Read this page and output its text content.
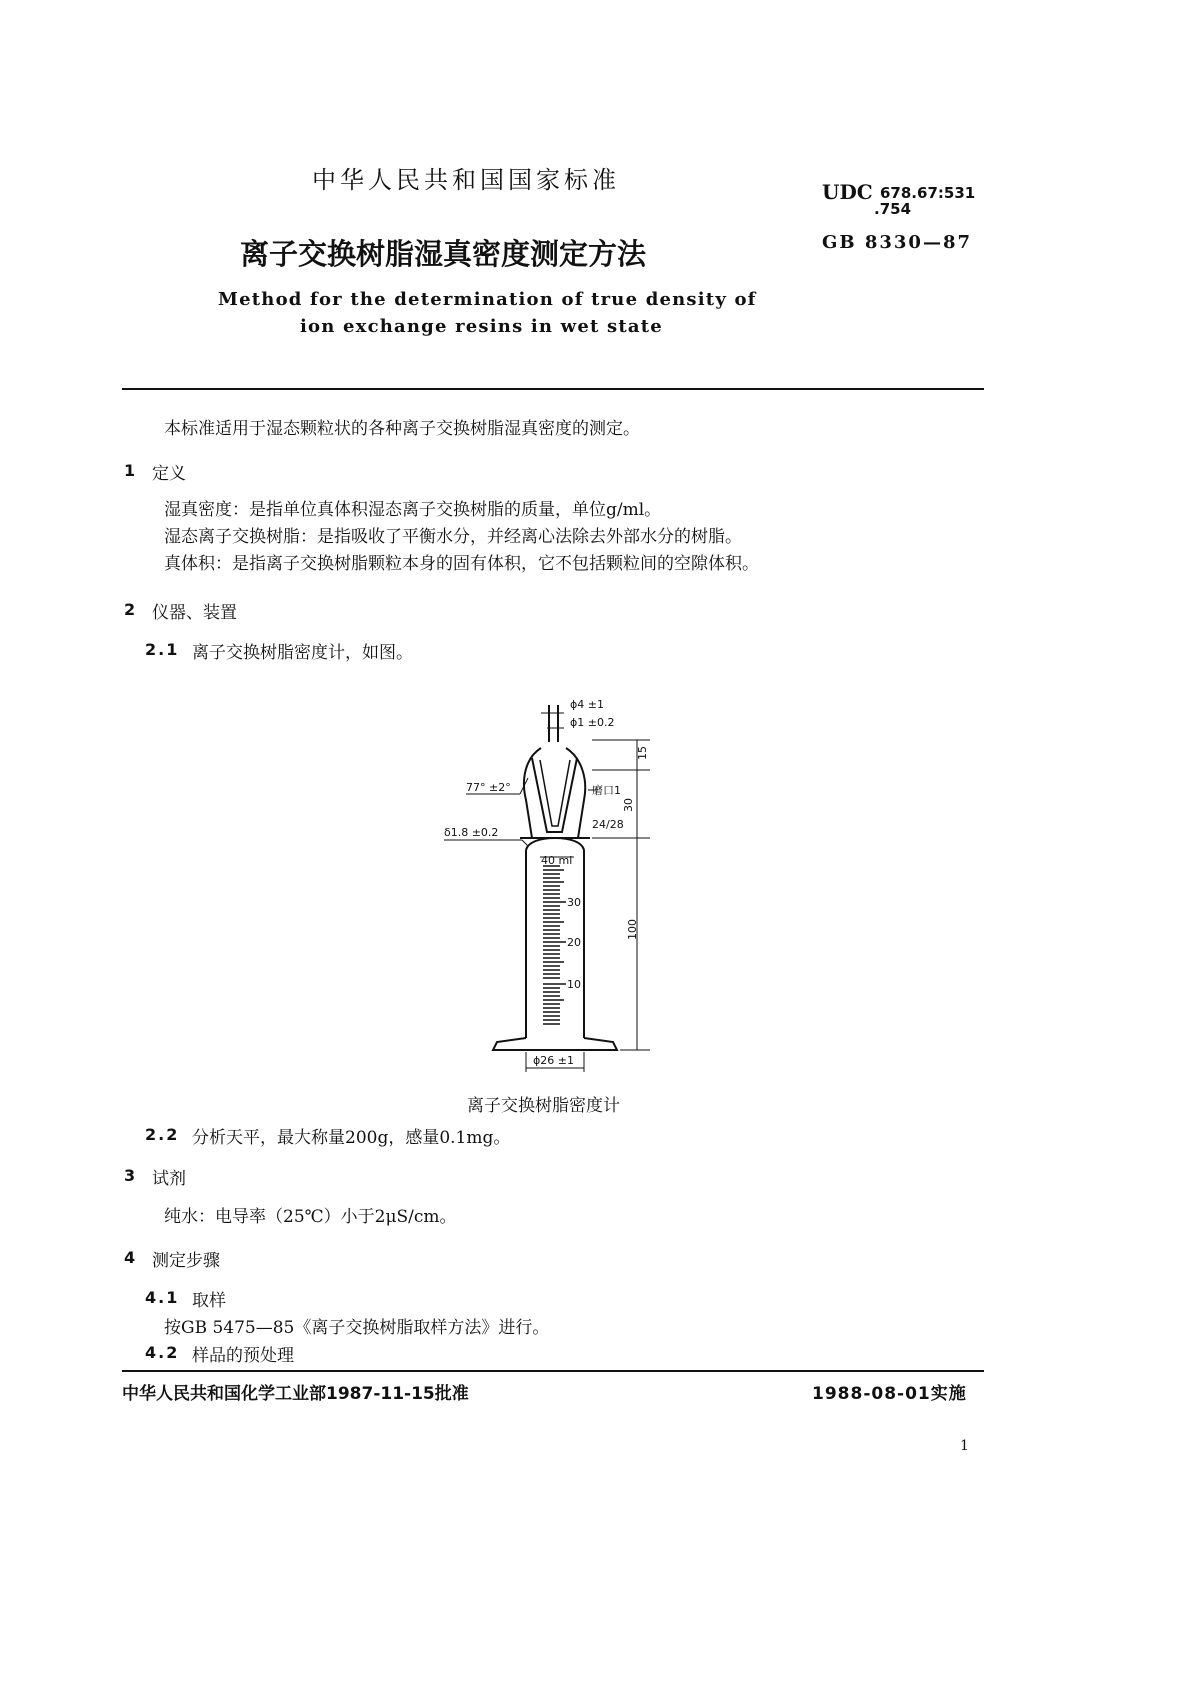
中华人民共和国国家标准	UDC 678.67:531
.754
离子交换树脂湿真密度测定方法	GB 8330—87
Method for the determination of true density of
ion exchange resins in wet state
本标准适用于湿态颗粒状的各种离子交换树脂湿真密度的测定。
1 定义
湿真密度：是指单位真体积湿态离子交换树脂的质量，单位g/ml。
湿态离子交换树脂：是指吸收了平衡水分，并经离心法除去外部水分的树脂。
真体积：是指离子交换树脂颗粒本身的固有体积，它不包括颗粒间的空隙体积。
2 仪器、装置
2.1 离子交换树脂密度计，如图。
ϕ4 ±1
ϕ1 ±0.2
15
30
100
77° ±2°	磨口1
24/28
δ1.8 ±0.2
40 ml
30
20
10
ϕ26 ±1
离子交换树脂密度计
2.2 分析天平，最大称量200g，感量0.1mg。
3 试剂
纯水：电导率（25℃）小于2μS/cm。
4 测定步骤
4.1 取样
按GB 5475—85《离子交换树脂取样方法》进行。
4.2 样品的预处理
中华人民共和国化学工业部1987-11-15批准	1988-08-01实施
1
